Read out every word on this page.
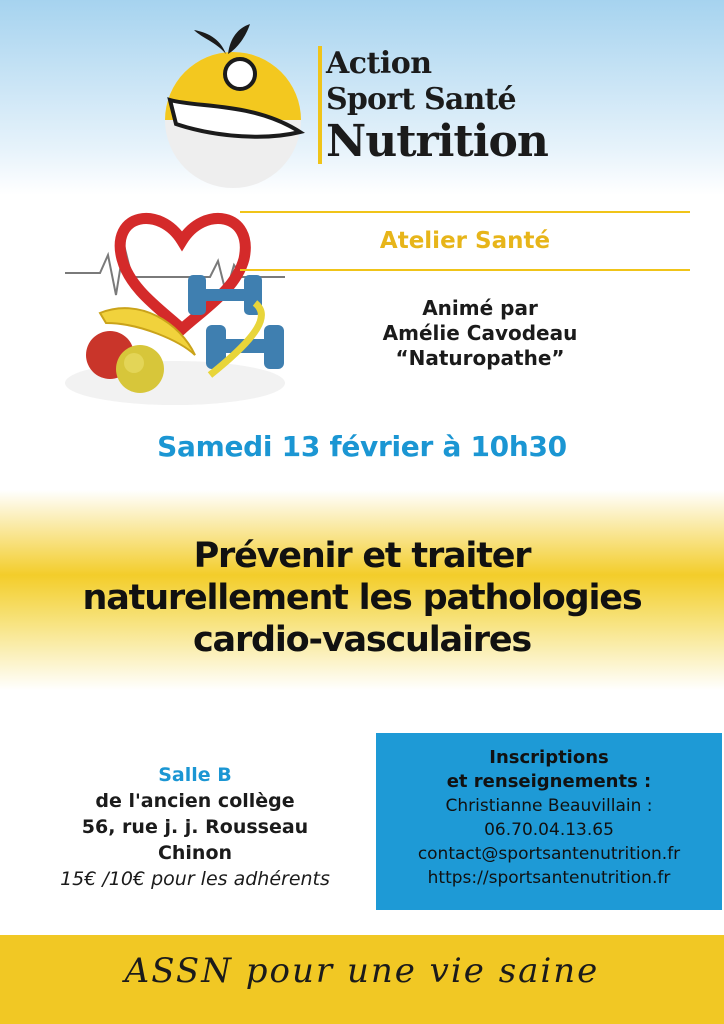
Action
Sport Santé
Nutrition
Atelier Santé
Animé par
Amélie Cavodeau
“Naturopathe”
Samedi 13 février à 10h30
Prévenir et traiter
naturellement les pathologies
cardio-vasculaires
Salle B
de l'ancien collège
56, rue j. j. Rousseau
Chinon
15€ /10€ pour les adhérents
Inscriptions
et renseignements :
Christianne Beauvillain :
06.70.04.13.65
contact@sportsantenutrition.fr
https://sportsantenutrition.fr
ASSN pour une vie saine
